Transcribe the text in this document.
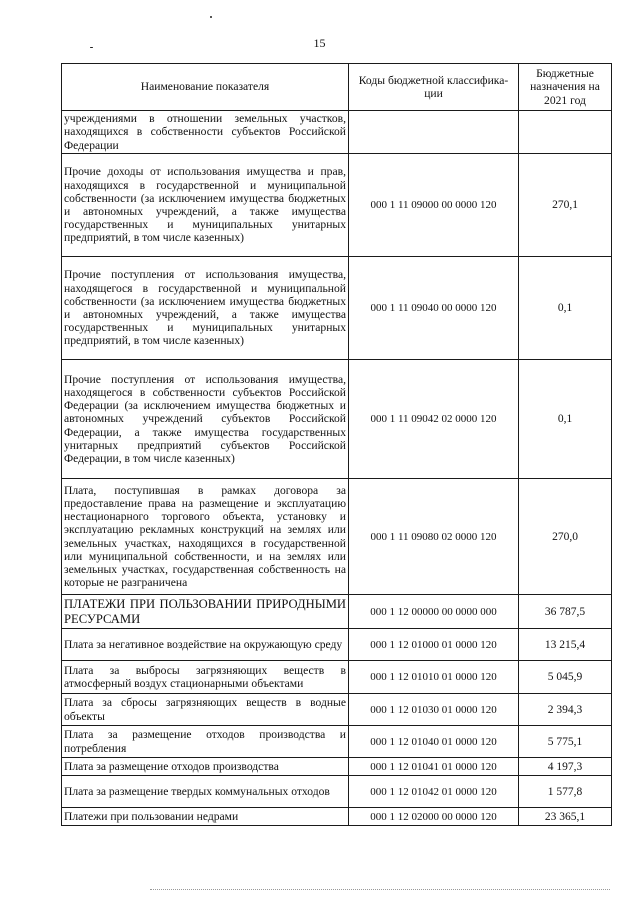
15
Наименование показателя	Коды бюджетной классифика-ции	Бюджетные назначения на 2021 год
учреждениями в отношении земельных участков, находящихся в собственности субъектов Российской Федерации		
Прочие доходы от использования имущества и прав, находящихся в государственной и муниципальной собственности (за исключением имущества бюджетных и автономных учреждений, а также имущества государственных и муниципальных унитарных предприятий, в том числе казенных)	000 1 11 09000 00 0000 120	270,1
Прочие поступления от использования имущества, находящегося в государственной и муниципальной собственности (за исключением имущества бюджетных и автономных учреждений, а также имущества государственных и муниципальных унитарных предприятий, в том числе казенных)	000 1 11 09040 00 0000 120	0,1
Прочие поступления от использования имущества, находящегося в собственности субъектов Российской Федерации (за исключением имущества бюджетных и автономных учреждений субъектов Российской Федерации, а также имущества государственных унитарных предприятий субъектов Российской Федерации, в том числе казенных)	000 1 11 09042 02 0000 120	0,1
Плата, поступившая в рамках договора за предоставление права на размещение и эксплуатацию нестационарного торгового объекта, установку и эксплуатацию рекламных конструкций на землях или земельных участках, находящихся в государственной или муниципальной собственности, и на землях или земельных участках, государственная собственность на которые не разграничена	000 1 11 09080 02 0000 120	270,0
ПЛАТЕЖИ ПРИ ПОЛЬЗОВАНИИ ПРИРОДНЫМИ РЕСУРСАМИ	000 1 12 00000 00 0000 000	36 787,5
Плата за негативное воздействие на окружающую среду	000 1 12 01000 01 0000 120	13 215,4
Плата за выбросы загрязняющих веществ в атмосферный воздух стационарными объектами	000 1 12 01010 01 0000 120	5 045,9
Плата за сбросы загрязняющих веществ в водные объекты	000 1 12 01030 01 0000 120	2 394,3
Плата за размещение отходов производства и потребления	000 1 12 01040 01 0000 120	5 775,1
Плата за размещение отходов производства	000 1 12 01041 01 0000 120	4 197,3
Плата за размещение твердых коммунальных отходов	000 1 12 01042 01 0000 120	1 577,8
Платежи при пользовании недрами	000 1 12 02000 00 0000 120	23 365,1
